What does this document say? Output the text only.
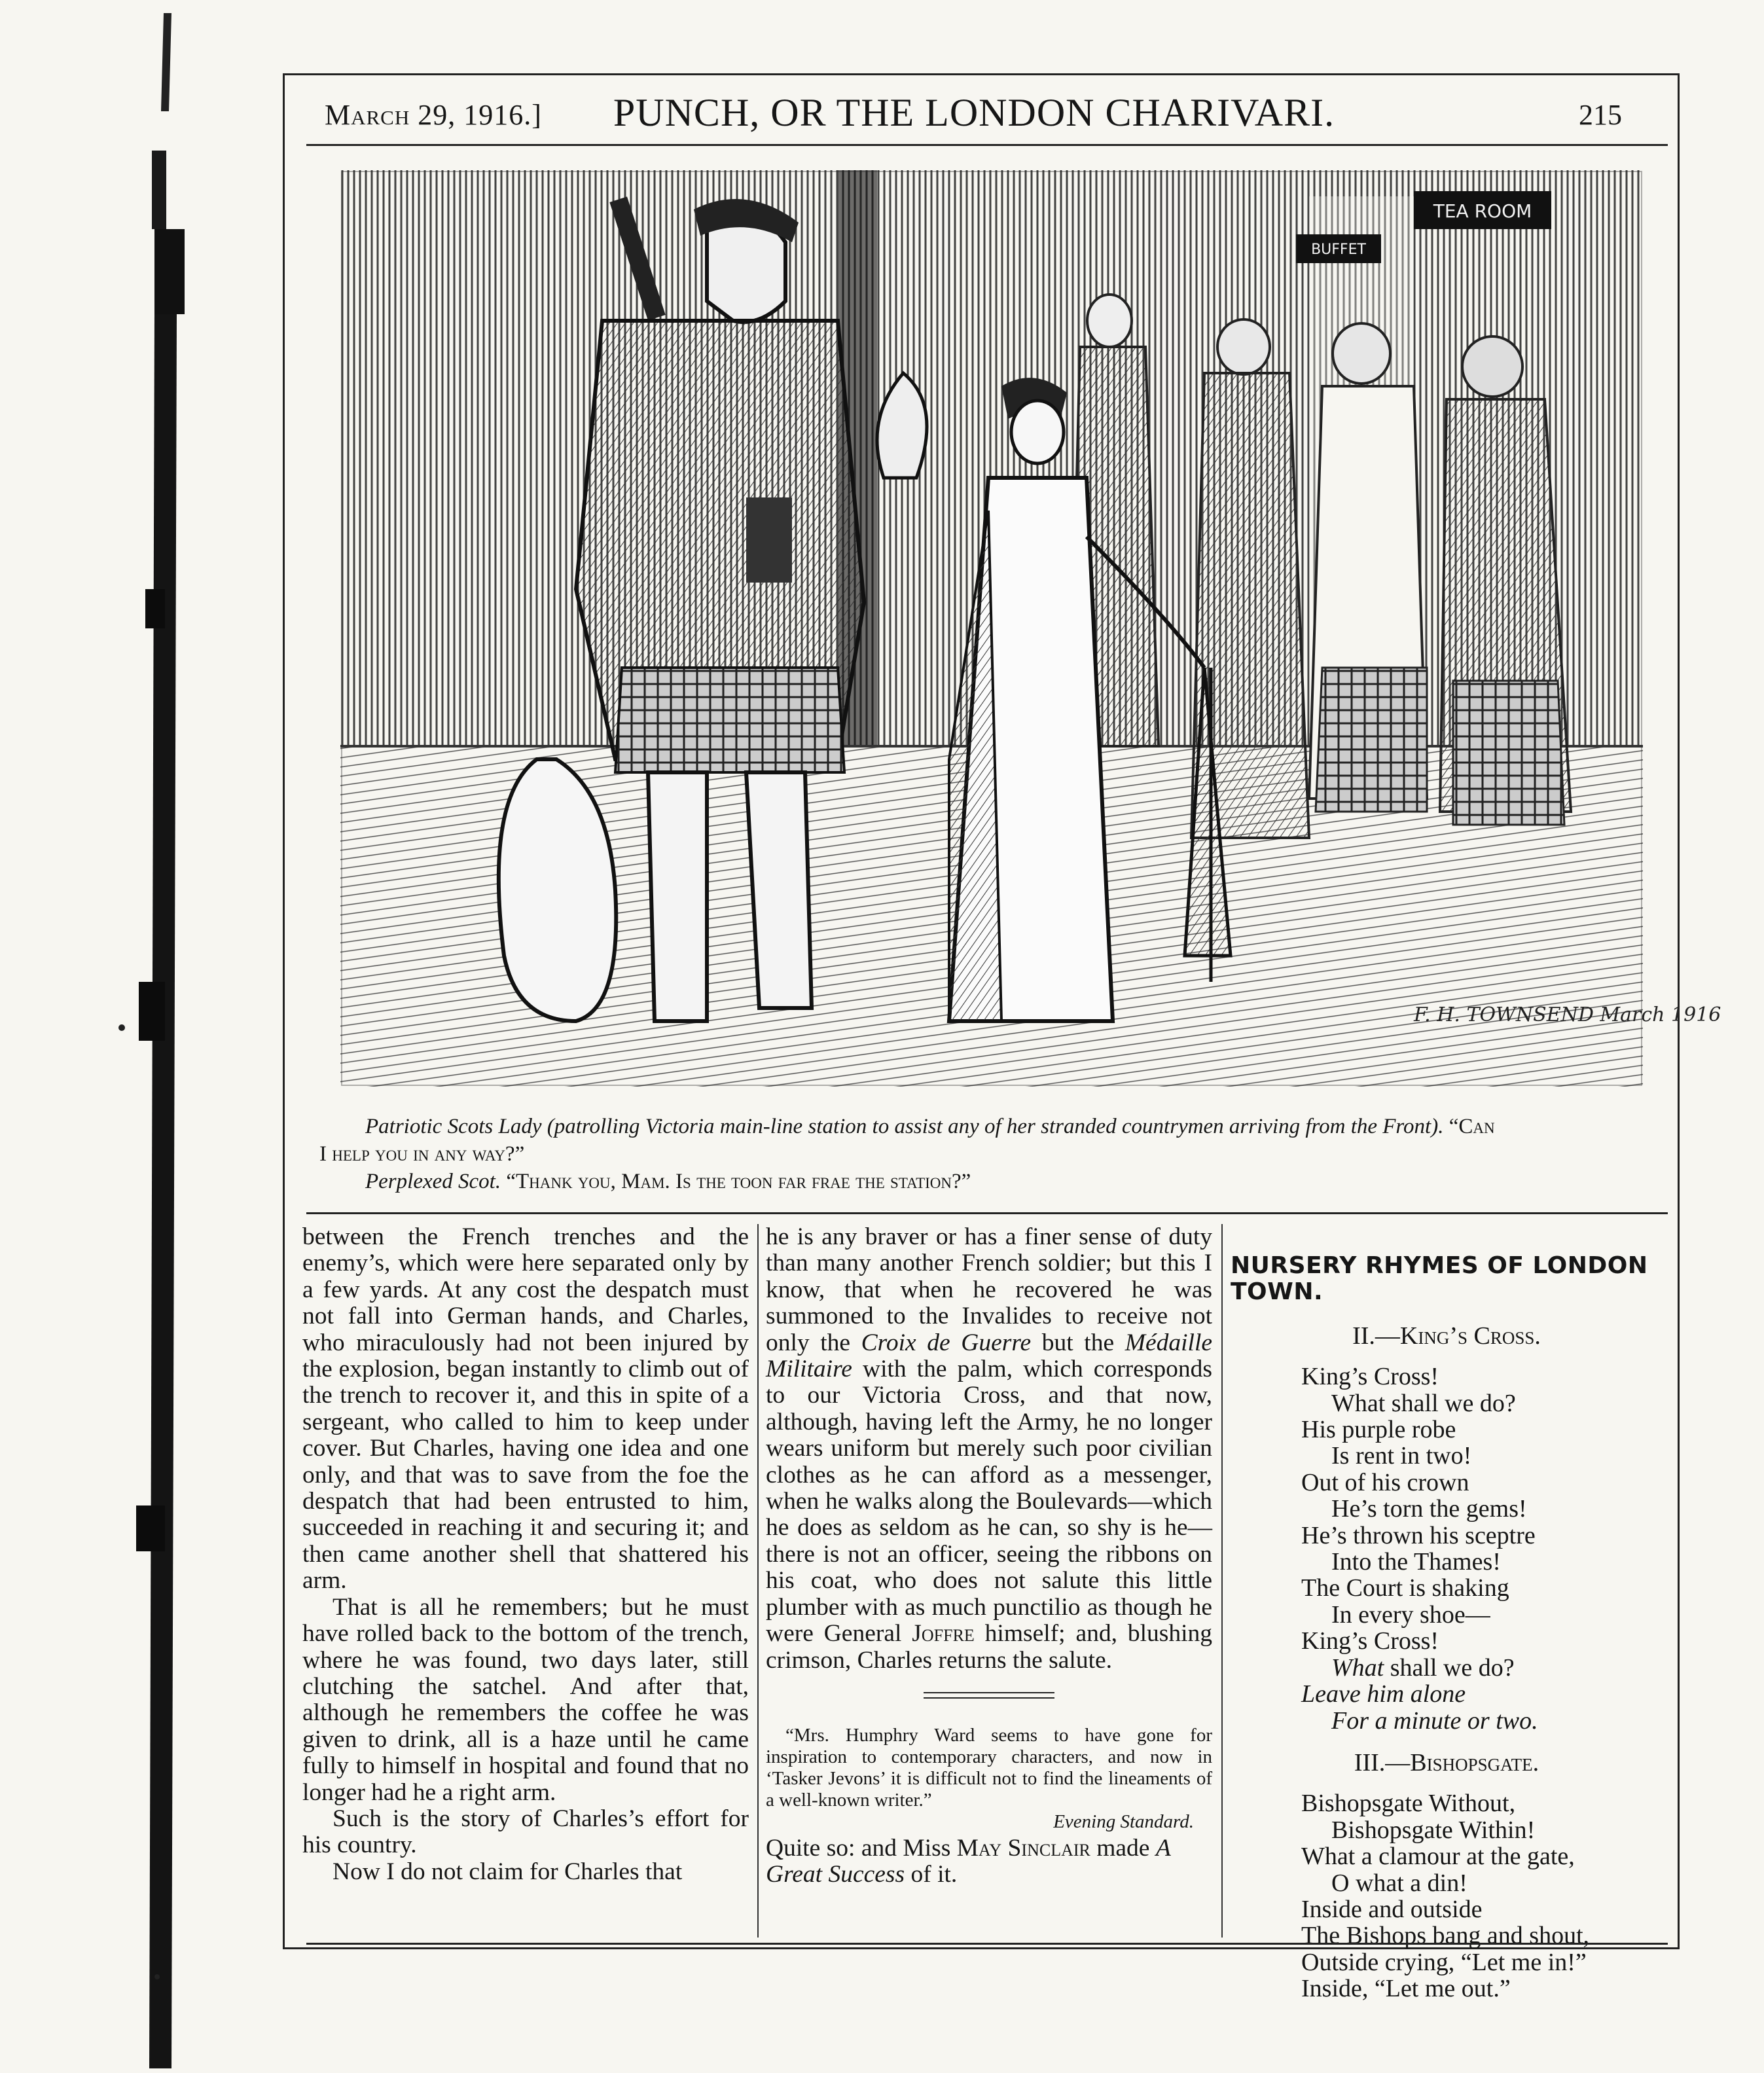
March 29, 1916.]	PUNCH, OR THE LONDON CHARIVARI.	215
TEA ROOM
BUFFET
F. H. TOWNSEND March 1916

Patriotic Scots Lady (patrolling Victoria main-line station to assist any of her stranded countrymen arriving from the Front). “Can

I help you in any way?”

Perplexed Scot. “Thank you, Mam. Is the toon far frae the station?”

between the French trenches and the enemy’s, which were here separated only by a few yards. At any cost the despatch must not fall into German hands, and Charles, who miraculously had not been injured by the explosion, began instantly to climb out of the trench to recover it, and this in spite of a sergeant, who called to him to keep under cover. But Charles, having one idea and one only, and that was to save from the foe the despatch that had been entrusted to him, succeeded in reaching it and securing it; and then came another shell that shattered his arm.

That is all he remembers; but he must have rolled back to the bottom of the trench, where he was found, two days later, still clutching the satchel. And after that, although he remembers the coffee he was given to drink, all is a haze until he came fully to himself in hospital and found that no longer had he a right arm.

Such is the story of Charles’s effort for his country.

Now I do not claim for Charles that

he is any braver or has a finer sense of duty than many another French soldier; but this I know, that when he recovered he was summoned to the Invalides to receive not only the Croix de Guerre but the Médaille Militaire with the palm, which corresponds to our Victoria Cross, and that now, although, having left the Army, he no longer wears uniform but merely such poor civilian clothes as he can afford as a messenger, when he walks along the Boulevards—which he does as seldom as he can, so shy is he—there is not an officer, seeing the ribbons on his coat, who does not salute this little plumber with as much punctilio as though he were General Joffre himself; and, blushing crimson, Charles returns the salute.

“Mrs. Humphry Ward seems to have gone for inspiration to contemporary characters, and now in ‘Tasker Jevons’ it is difficult not to find the lineaments of a well-known writer.”
Evening Standard.

Quite so: and Miss May Sinclair made A Great Success of it.

NURSERY RHYMES OF LONDON TOWN.
II.—King’s Cross.
King’s Cross!
What shall we do?
His purple robe
Is rent in two!
Out of his crown
He’s torn the gems!
He’s thrown his sceptre
Into the Thames!
The Court is shaking
In every shoe—
King’s Cross!
What shall we do?
Leave him alone
For a minute or two.
III.—Bishopsgate.
Bishopsgate Without,
Bishopsgate Within!
What a clamour at the gate,
O what a din!
Inside and outside
The Bishops bang and shout,
Outside crying, “Let me in!”
Inside, “Let me out.”
